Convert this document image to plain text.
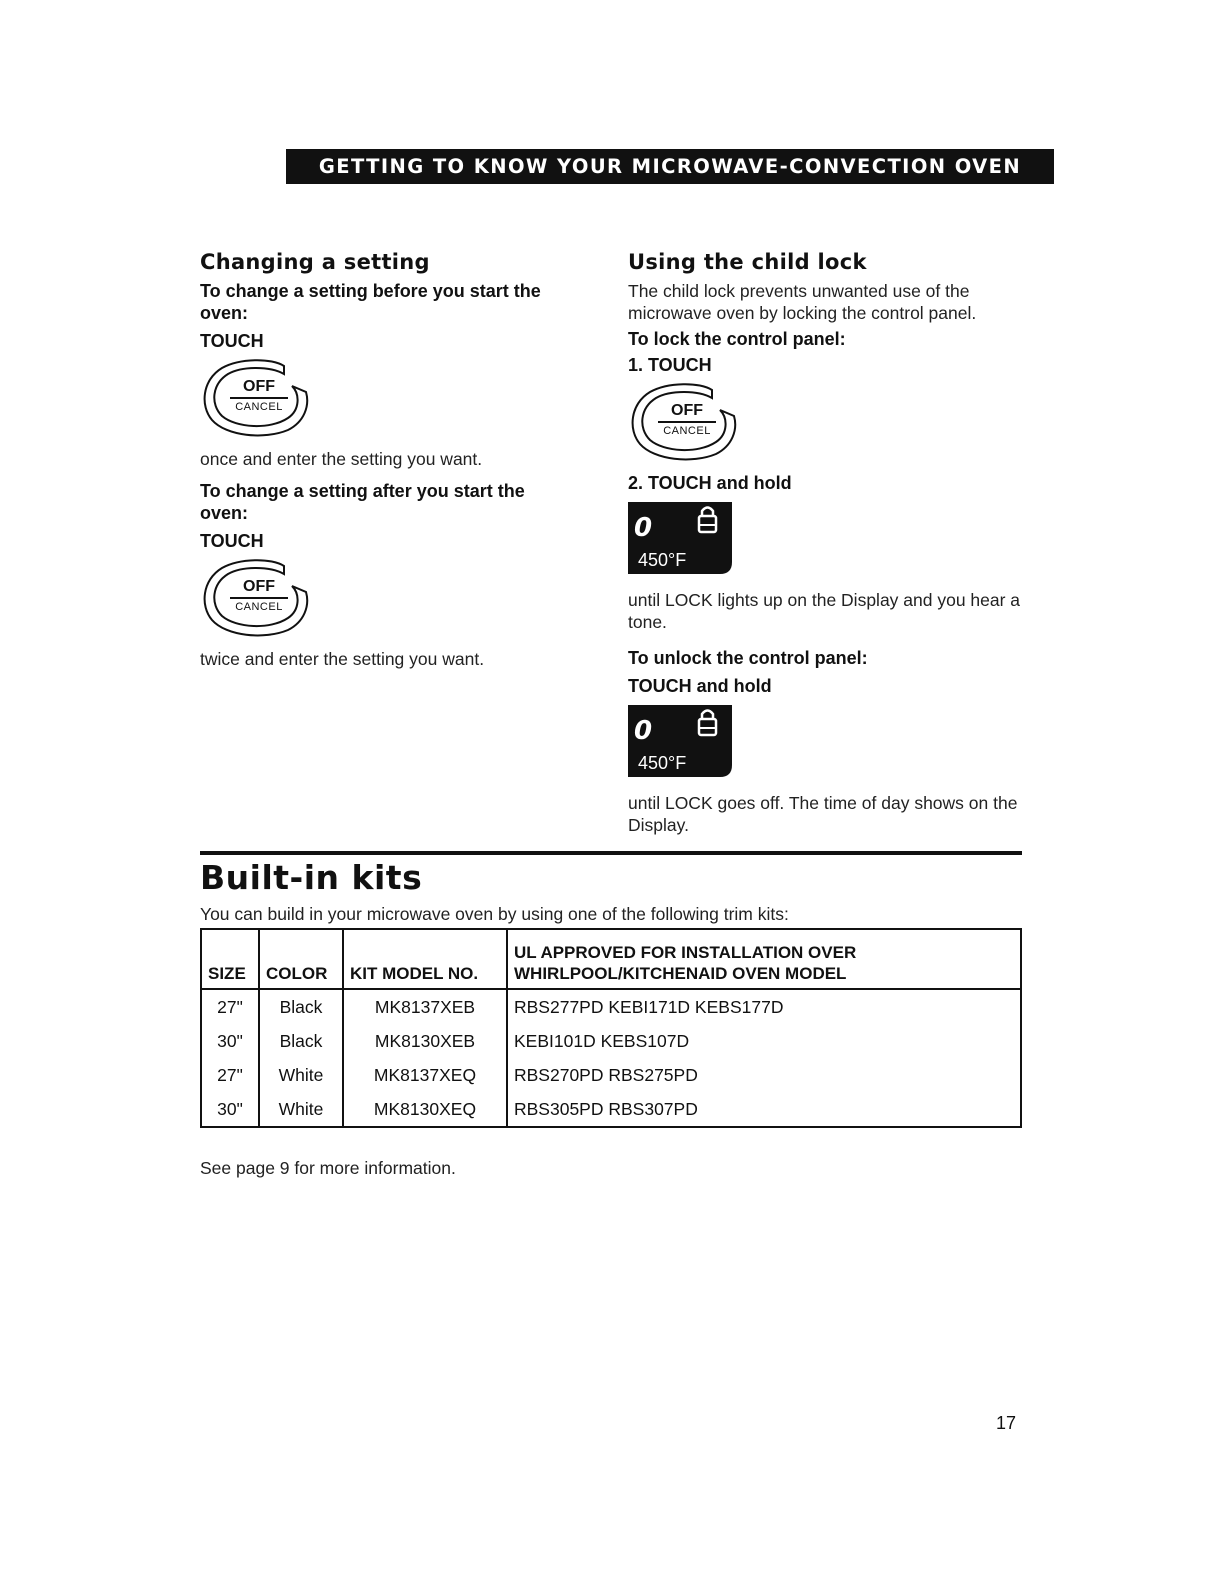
GETTING TO KNOW YOUR MICROWAVE-CONVECTION OVEN
Changing a setting

To change a setting before you start the oven:

TOUCH

OFF
CANCEL

once and enter the setting you want.

To change a setting after you start the oven:

TOUCH

OFF
CANCEL

twice and enter the setting you want.

Using the child lock

The child lock prevents unwanted use of the microwave oven by locking the control panel.

To lock the control panel:

1. TOUCH

OFF
CANCEL

2. TOUCH and hold

0
450°F

until LOCK lights up on the Display and you hear a tone.

To unlock the control panel:

TOUCH and hold

0
450°F

until LOCK goes off. The time of day shows on the Display.

Built-in kits
You can build in your microwave oven by using one of the following trim kits:
SIZE	COLOR	KIT MODEL NO.	UL APPROVED FOR INSTALLATION OVER WHIRLPOOL/KITCHENAID OVEN MODEL
27"	Black	MK8137XEB	RBS277PD KEBI171D KEBS177D
30"	Black	MK8130XEB	KEBI101D KEBS107D
27"	White	MK8137XEQ	RBS270PD RBS275PD
30"	White	MK8130XEQ	RBS305PD RBS307PD
See page 9 for more information.
17
